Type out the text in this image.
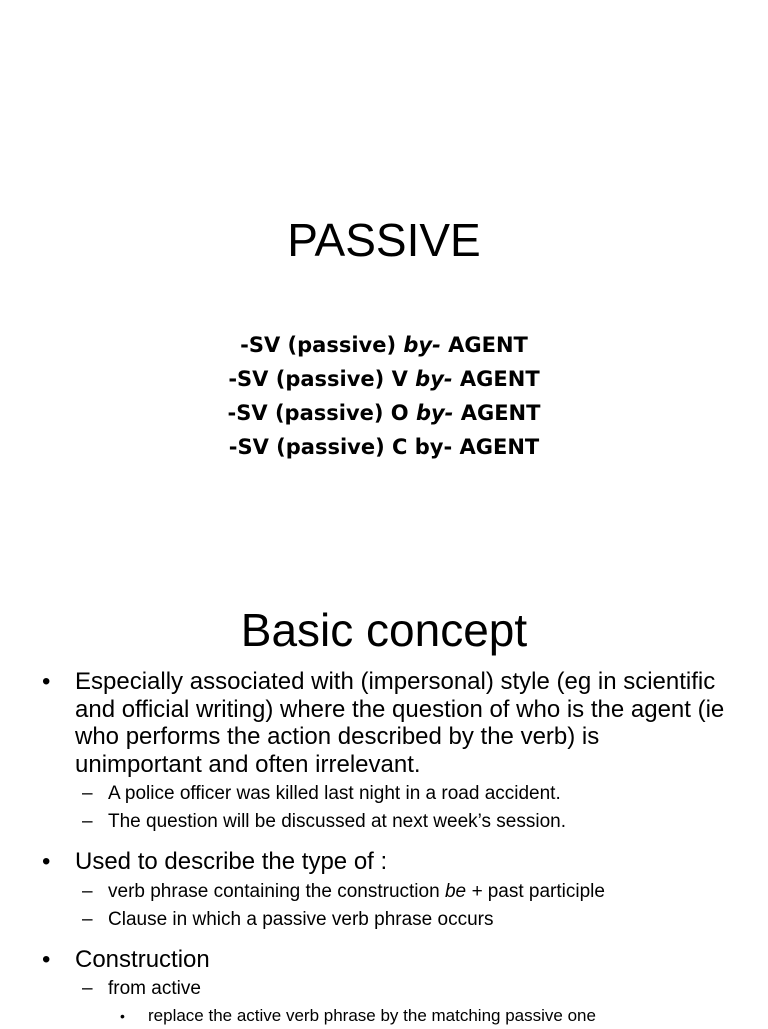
PASSIVE
-SV (passive) by- AGENT
-SV (passive) V by- AGENT
-SV (passive) O by- AGENT
-SV (passive) C by- AGENT
Basic concept
• Especially associated with (impersonal) style (eg in scientific and official writing) where the question of who is the agent (ie who performs the action described by the verb) is unimportant and often irrelevant.
– A police officer was killed last night in a road accident.
– The question will be discussed at next week’s session.
• Used to describe the type of :
– verb phrase containing the construction be + past participle
– Clause in which a passive verb phrase occurs
• Construction
– from active
• replace the active verb phrase by the matching passive one
